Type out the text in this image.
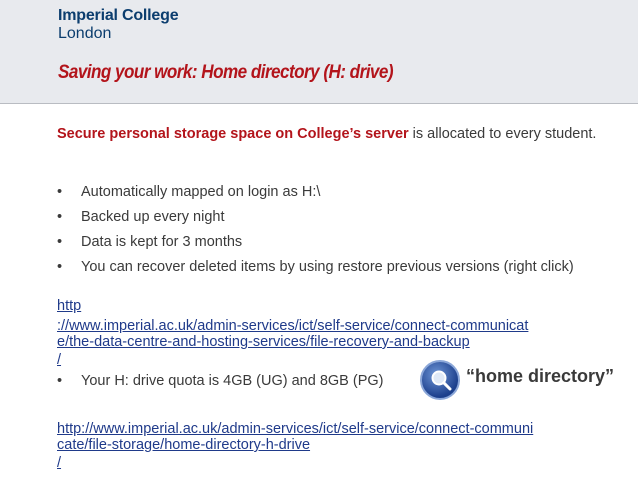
Imperial College
London
Saving your work: Home directory (H: drive)
Secure personal storage space on College’s server is allocated to every student.
• Automatically mapped on login as H:\
• Backed up every night
• Data is kept for 3 months
• You can recover deleted items by using restore previous versions (right click)
http
://www.imperial.ac.uk/admin-services/ict/self-service/connect-communicat
e/the-data-centre-and-hosting-services/file-recovery-and-backup
/
• Your H: drive quota is 4GB (UG) and 8GB (PG)	“home directory”
http://www.imperial.ac.uk/admin-services/ict/self-service/connect-communi
cate/file-storage/home-directory-h-drive
/
